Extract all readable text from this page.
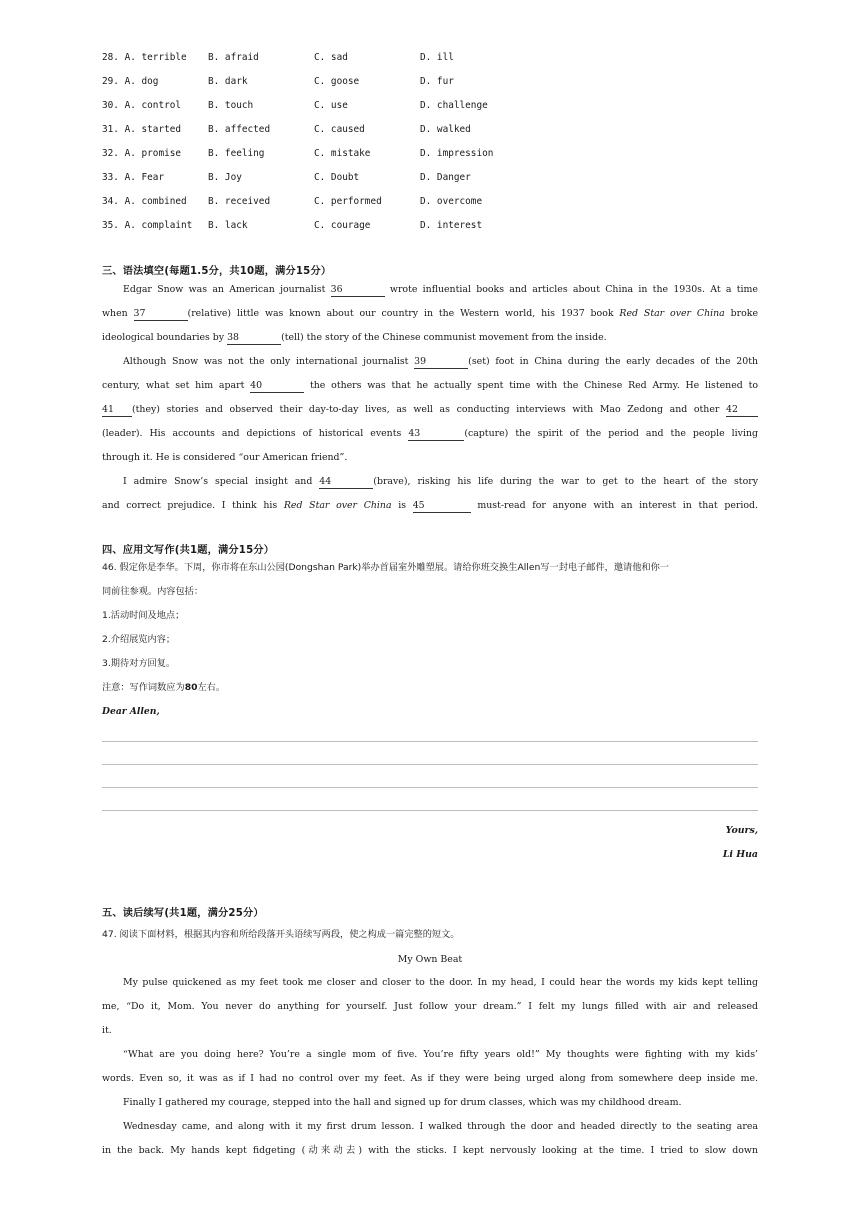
28. A. terrible B. afraid	C. sad	D. ill
29. A. dog	B. dark	C. goose	D. fur
30. A. control	B. touch	C. use	D. challenge
31. A. started	B. affected	C. caused	D. walked
32. A. promise	B. feeling	C. mistake	D. impression
33. A. Fear	B. Joy	C. Doubt	D. Danger
34. A. combined B. received	C. performed	D. overcome
35. A. complaint B. lack	C. courage	D. interest
三、语法填空(每题1.5分，共10题，满分15分）
Edgar Snow was an American journalist 36	wrote influential books and articles about China in the 1930s. At a time
when 37	(relative) little was known about our country in the Western world, his 1937 book Red Star over China broke
ideological boundaries by 38	(tell) the story of the Chinese communist movement from the inside.
Although Snow was not the only international journalist 39	(set) foot in China during the early decades of the 20th
century, what set him apart 40	the others was that he actually spent time with the Chinese Red Army. He listened to
41 (they) stories and observed their day-to-day lives, as well as conducting interviews with Mao Zedong and other 42
(leader). His accounts and depictions of historical events 43	(capture) the spirit of the period and the people living
through it. He is considered “our American friend”.
I admire Snow’s special insight and 44	(brave), risking his life during the war to get to the heart of the story
and correct prejudice. I think his Red Star over China is 45	must-read for anyone with an interest in that period.
四、应用文写作(共1题，满分15分）
46. 假定你是李华。下周，你市将在东山公园(Dongshan Park)举办首届室外雕塑展。请给你班交换生Allen写一封电子邮件，邀请他和你一
同前往参观。内容包括：
1.活动时间及地点；
2.介绍展览内容；
3.期待对方回复。
注意：写作词数应为80左右。
Dear Allen,
Yours,
Li Hua
五、读后续写(共1题，满分25分）
47. 阅读下面材料，根据其内容和所给段落开头语续写两段，使之构成一篇完整的短文。
My Own Beat
My pulse quickened as my feet took me closer and closer to the door. In my head, I could hear the words my kids kept telling
me, “Do it, Mom. You never do anything for yourself. Just follow your dream.” I felt my lungs filled with air and released
it.
“What are you doing here? You’re a single mom of five. You’re fifty years old!” My thoughts were fighting with my kids’
words. Even so, it was as if I had no control over my feet. As if they were being urged along from somewhere deep inside me.
Finally I gathered my courage, stepped into the hall and signed up for drum classes, which was my childhood dream.
Wednesday came, and along with it my first drum lesson. I walked through the door and headed directly to the seating area
in the back. My hands kept fidgeting (动来动去) with the sticks. I kept nervously looking at the time. I tried to slow down
